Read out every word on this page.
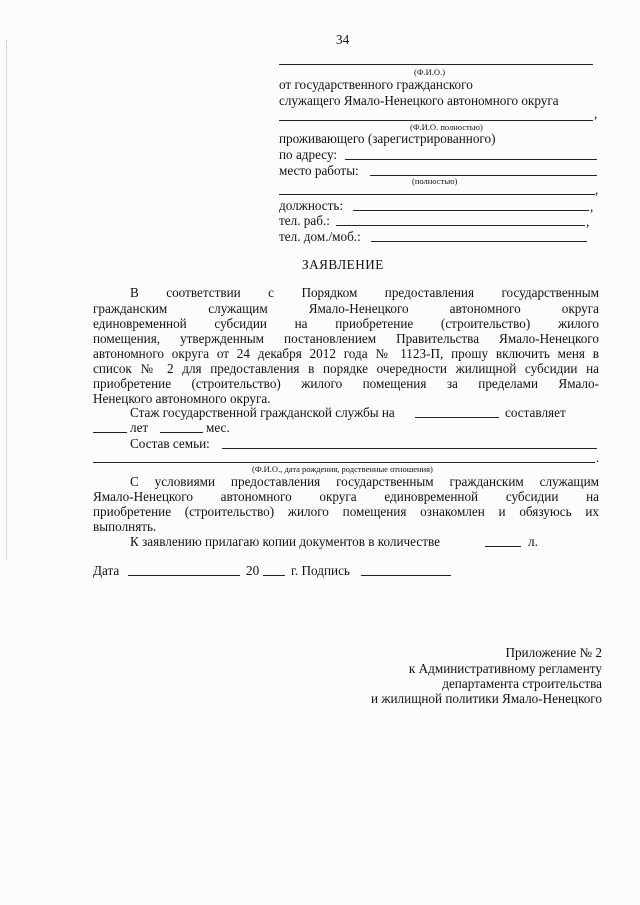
34
(Ф.И.О.)
от государственного гражданского
служащего Ямало-Ненецкого автономного округа
,
(Ф.И.О. полностью)
проживающего (зарегистрированного)
по адресу:
место работы:
(полностью)
,
должность:	,
тел. раб.:	,
тел. дом./моб.:
ЗАЯВЛЕНИЕ
В соответствии с Порядком предоставления государственным
гражданским служащим Ямало-Ненецкого автономного округа
единовременной субсидии на приобретение (строительство) жилого
помещения, утвержденным постановлением Правительства Ямало-Ненецкого
автономного округа от 24 декабря 2012 года № 1123-П, прошу включить меня в
список № 2 для предоставления в порядке очередности жилищной субсидии на
приобретение (строительство) жилого помещения за пределами Ямало-
Ненецкого автономного округа.
Стаж государственной гражданской службы на	составляет
лет	мес.
Состав семьи:
.
(Ф.И.О., дата рождения, родственные отношения)
С условиями предоставления государственным гражданским служащим
Ямало-Ненецкого автономного округа единовременной субсидии на
приобретение (строительство) жилого помещения ознакомлен и обязуюсь их
выполнять.
К заявлению прилагаю копии документов в количестве	л.
Дата	20 г. Подпись
Приложение № 2
к Административному регламенту
департамента строительства
и жилищной политики Ямало-Ненецкого
